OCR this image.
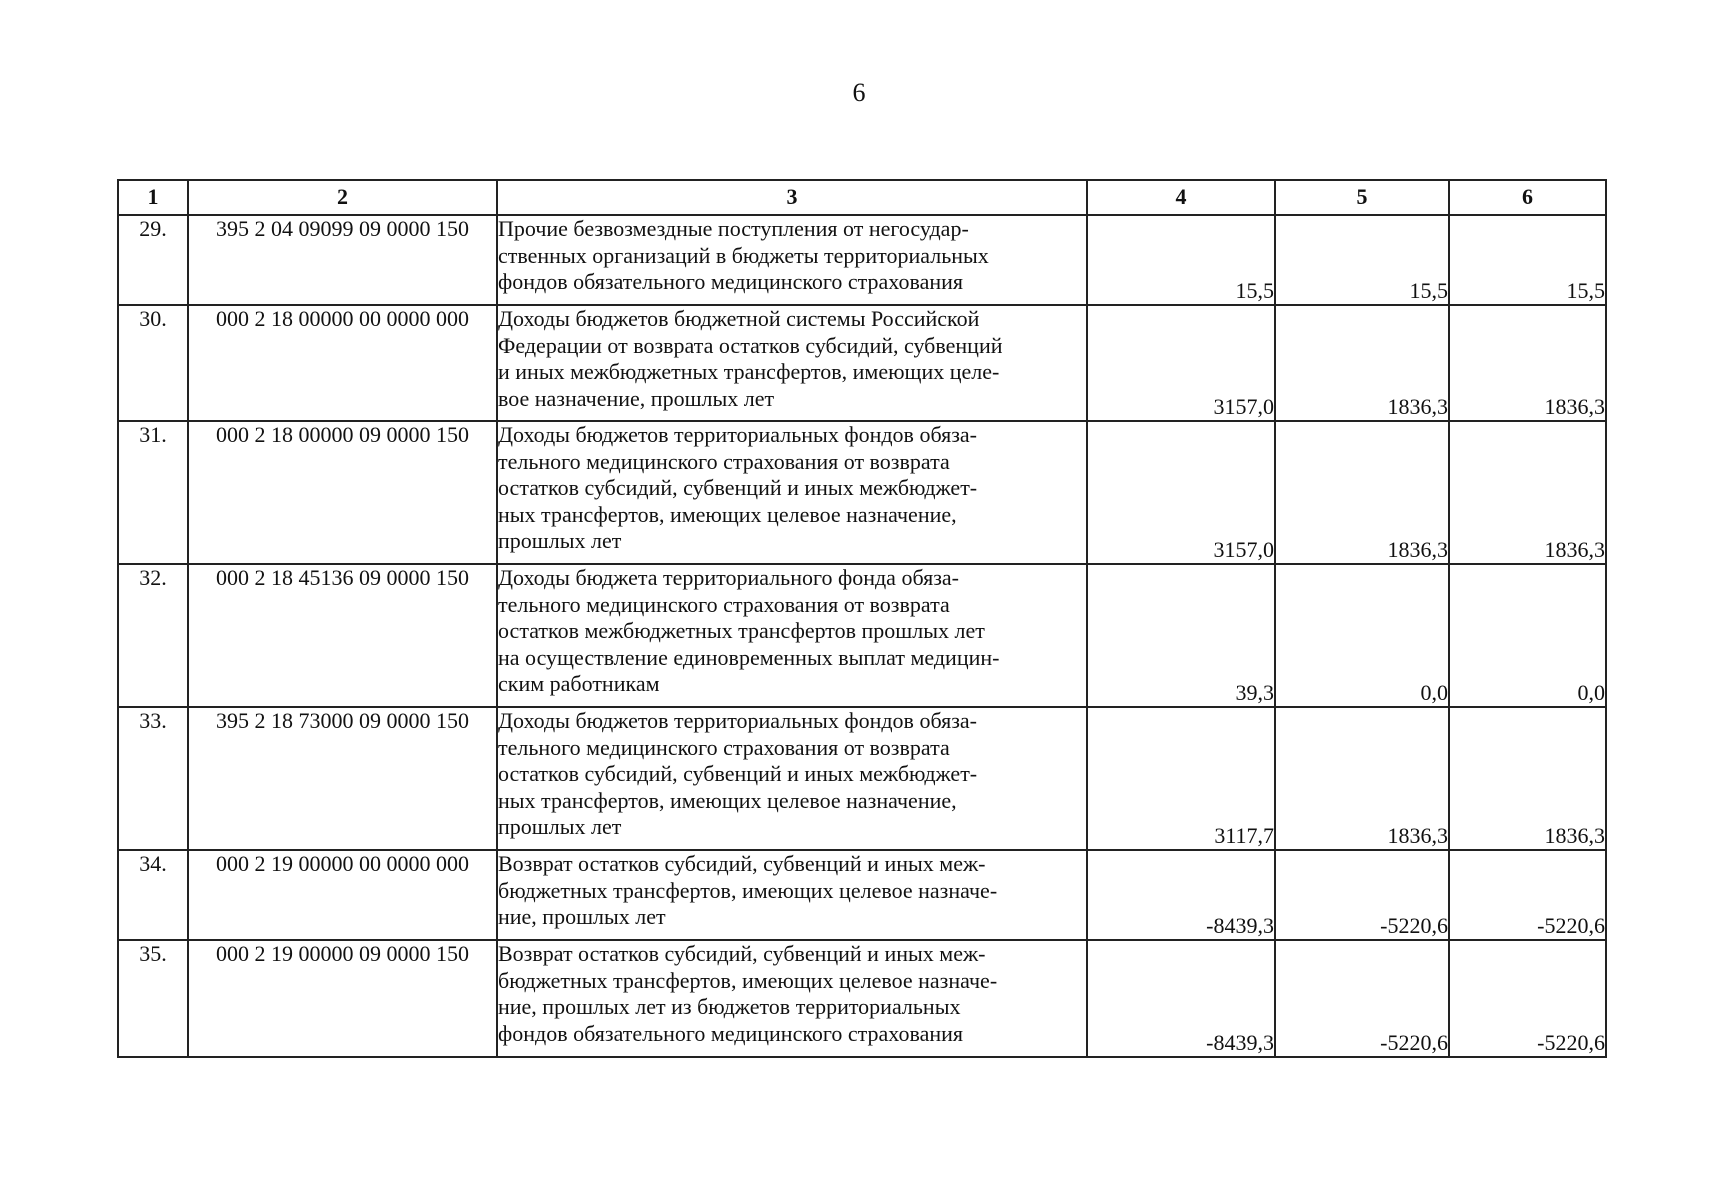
6
1	2	3	4	5	6
29.	395 2 04 09099 09 0000 150	Прочие безвозмездные поступления от негосудар-
ственных организаций в бюджеты территориальных
фондов обязательного медицинского страхования	15,5	15,5	15,5
30.	000 2 18 00000 00 0000 000	Доходы бюджетов бюджетной системы Российской
Федерации от возврата остатков субсидий, субвенций
и иных межбюджетных трансфертов, имеющих целе-
вое назначение, прошлых лет	3157,0	1836,3	1836,3
31.	000 2 18 00000 09 0000 150	Доходы бюджетов территориальных фондов обяза-
тельного медицинского страхования от возврата
остатков субсидий, субвенций и иных межбюджет-
ных трансфертов, имеющих целевое назначение,
прошлых лет	3157,0	1836,3	1836,3
32.	000 2 18 45136 09 0000 150	Доходы бюджета территориального фонда обяза-
тельного медицинского страхования от возврата
остатков межбюджетных трансфертов прошлых лет
на осуществление единовременных выплат медицин-
ским работникам	39,3	0,0	0,0
33.	395 2 18 73000 09 0000 150	Доходы бюджетов территориальных фондов обяза-
тельного медицинского страхования от возврата
остатков субсидий, субвенций и иных межбюджет-
ных трансфертов, имеющих целевое назначение,
прошлых лет	3117,7	1836,3	1836,3
34.	000 2 19 00000 00 0000 000	Возврат остатков субсидий, субвенций и иных меж-
бюджетных трансфертов, имеющих целевое назначе-
ние, прошлых лет	-8439,3	-5220,6	-5220,6
35.	000 2 19 00000 09 0000 150	Возврат остатков субсидий, субвенций и иных меж-
бюджетных трансфертов, имеющих целевое назначе-
ние, прошлых лет из бюджетов территориальных
фондов обязательного медицинского страхования	-8439,3	-5220,6	-5220,6
